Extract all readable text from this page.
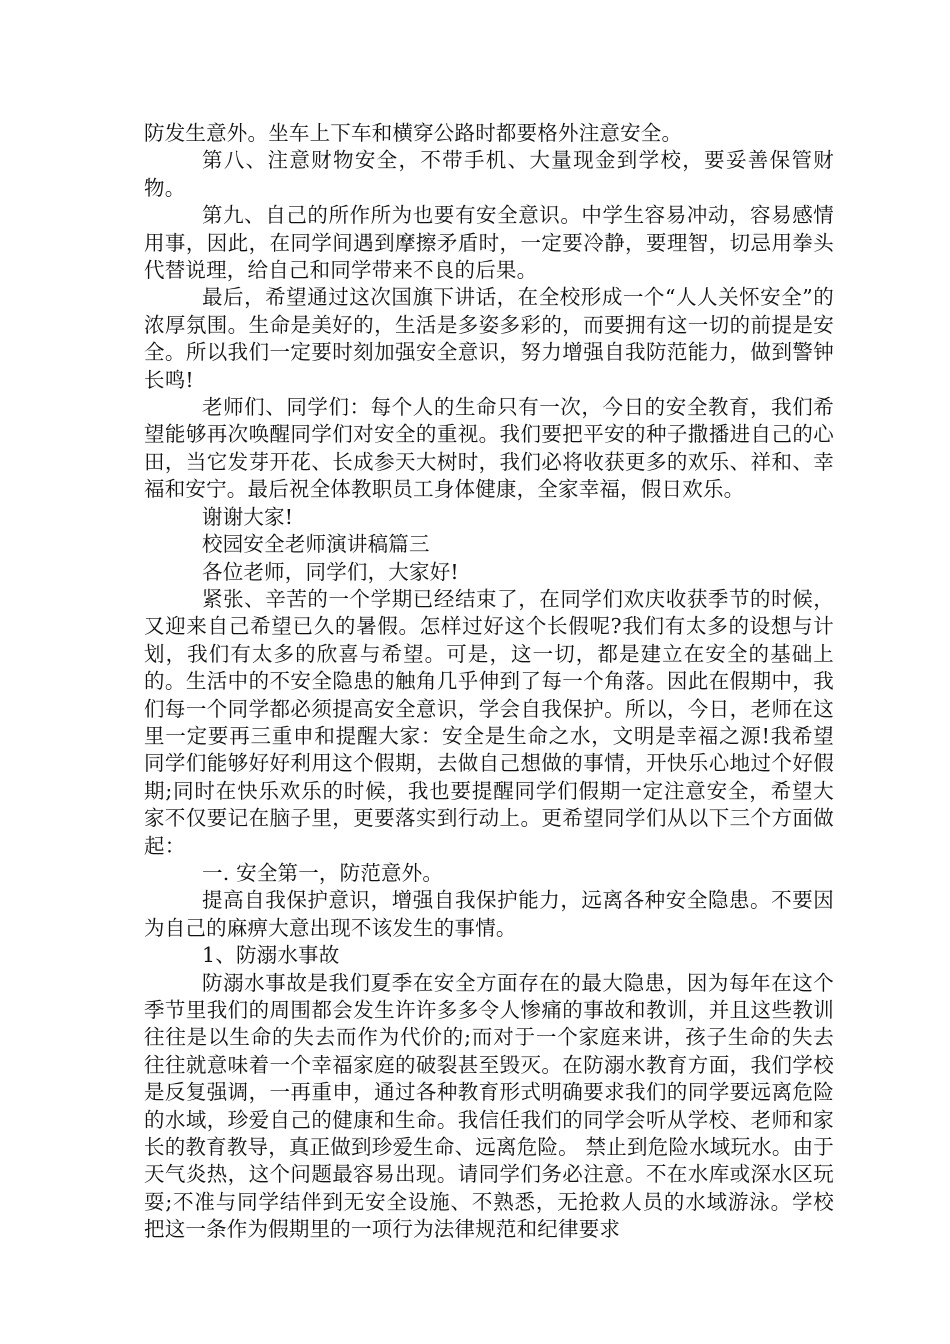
防发生意外。坐车上下车和横穿公路时都要格外注意安全。

第八、注意财物安全，不带手机、大量现金到学校，要妥善保管财物。

第九、自己的所作所为也要有安全意识。中学生容易冲动，容易感情用事，因此，在同学间遇到摩擦矛盾时，一定要冷静，要理智，切忌用拳头代替说理，给自己和同学带来不良的后果。

最后，希望通过这次国旗下讲话，在全校形成一个“人人关怀安全”的浓厚氛围。生命是美好的，生活是多姿多彩的，而要拥有这一切的前提是安全。所以我们一定要时刻加强安全意识，努力增强自我防范能力，做到警钟长鸣!

老师们、同学们：每个人的生命只有一次，今日的安全教育，我们希望能够再次唤醒同学们对安全的重视。我们要把平安的种子撒播进自己的心田，当它发芽开花、长成参天大树时，我们必将收获更多的欢乐、祥和、幸福和安宁。最后祝全体教职员工身体健康，全家幸福，假日欢乐。

谢谢大家!

校园安全老师演讲稿篇三

各位老师，同学们，大家好!

紧张、辛苦的一个学期已经结束了，在同学们欢庆收获季节的时候，又迎来自己希望已久的暑假。怎样过好这个长假呢?我们有太多的设想与计划，我们有太多的欣喜与希望。可是，这一切，都是建立在安全的基础上的。生活中的不安全隐患的触角几乎伸到了每一个角落。因此在假期中，我们每一个同学都必须提高安全意识，学会自我保护。所以，今日，老师在这里一定要再三重申和提醒大家：安全是生命之水，文明是幸福之源!我希望同学们能够好好利用这个假期，去做自己想做的事情，开快乐心地过个好假期;同时在快乐欢乐的时候，我也要提醒同学们假期一定注意安全，希望大家不仅要记在脑子里，更要落实到行动上。更希望同学们从以下三个方面做起：

一. 安全第一，防范意外。

提高自我保护意识，增强自我保护能力，远离各种安全隐患。不要因为自己的麻痹大意出现不该发生的事情。

1、防溺水事故

防溺水事故是我们夏季在安全方面存在的最大隐患，因为每年在这个季节里我们的周围都会发生许许多多令人惨痛的事故和教训，并且这些教训往往是以生命的失去而作为代价的;而对于一个家庭来讲，孩子生命的失去往往就意味着一个幸福家庭的破裂甚至毁灭。在防溺水教育方面，我们学校是反复强调，一再重申，通过各种教育形式明确要求我们的同学要远离危险的水域，珍爱自己的健康和生命。我信任我们的同学会听从学校、老师和家长的教育教导，真正做到珍爱生命、远离危险。 禁止到危险水域玩水。由于天气炎热，这个问题最容易出现。请同学们务必注意。不在水库或深水区玩耍;不准与同学结伴到无安全设施、不熟悉，无抢救人员的水域游泳。学校把这一条作为假期里的一项行为法律规范和纪律要求
